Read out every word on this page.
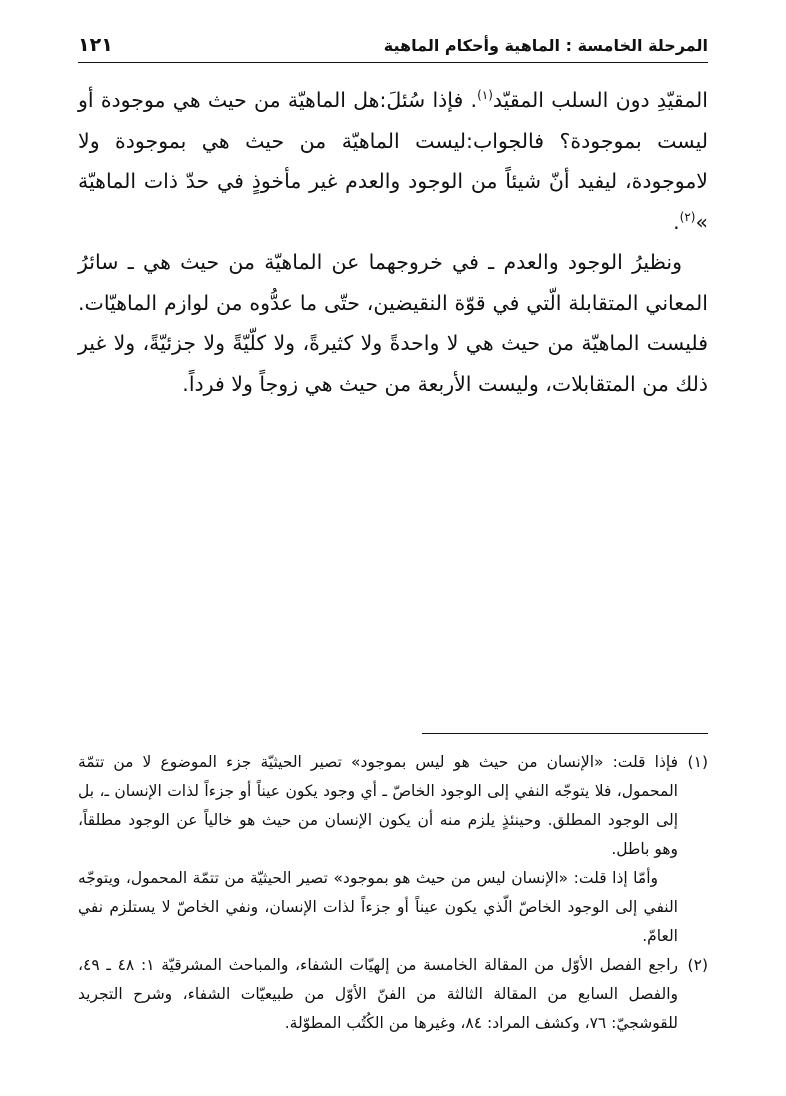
المرحلة الخامسة : الماهية وأحكام الماهية
١٢١

المقيّدِ دون السلب المقيّد$^{(١)}$. فإذا سُئلَ:هل الماهيّة من حيث هي موجودة أو ليست بموجودة؟ فالجواب:ليست الماهيّة من حيث هي بموجودة ولا لاموجودة، ليفيد أنّ شيئاً من الوجود والعدم غير مأخوذٍ في حدّ ذات الماهيّة »$^{(٢)}$.

ونظيرُ الوجود والعدم ـ في خروجهما عن الماهيّة من حيث هي ـ سائرُ المعاني المتقابلة الّتي في قوّة النقيضين، حتّى ما عدُّوه من لوازم الماهيّات. فليست الماهيّة من حيث هي لا واحدةً ولا كثيرةً، ولا كلّيّةً ولا جزئيّةً، ولا غير ذلك من المتقابلات، وليست الأربعة من حيث هي زوجاً ولا فرداً.

(١)

فإذا قلت: «الإنسان من حيث هو ليس بموجود» تصير الحيثيّة جزء الموضوع لا من تتمّة المحمول، فلا يتوجّه النفي إلى الوجود الخاصّ ـ أي وجود يكون عيناً أو جزءاً لذات الإنسان ـ، بل إلى الوجود المطلق. وحينئذٍ يلزم منه أن يكون الإنسان من حيث هو خالياً عن الوجود مطلقاً، وهو باطل.

وأمّا إذا قلت: «الإنسان ليس من حيث هو بموجود» تصير الحيثيّة من تتمّة المحمول، ويتوجّه النفي إلى الوجود الخاصّ الّذي يكون عيناً أو جزءاً لذات الإنسان، ونفي الخاصّ لا يستلزم نفي العامّ.

(٢)

راجع الفصل الأوّل من المقالة الخامسة من إلهيّات الشفاء، والمباحث المشرقيّة ١: ٤٨ ـ ٤٩، والفصل السابع من المقالة الثالثة من الفنّ الأوّل من طبيعيّات الشفاء، وشرح التجريد للقوشجيّ: ٧٦، وكشف المراد: ٨٤، وغيرها من الكُتُب المطوّلة.
